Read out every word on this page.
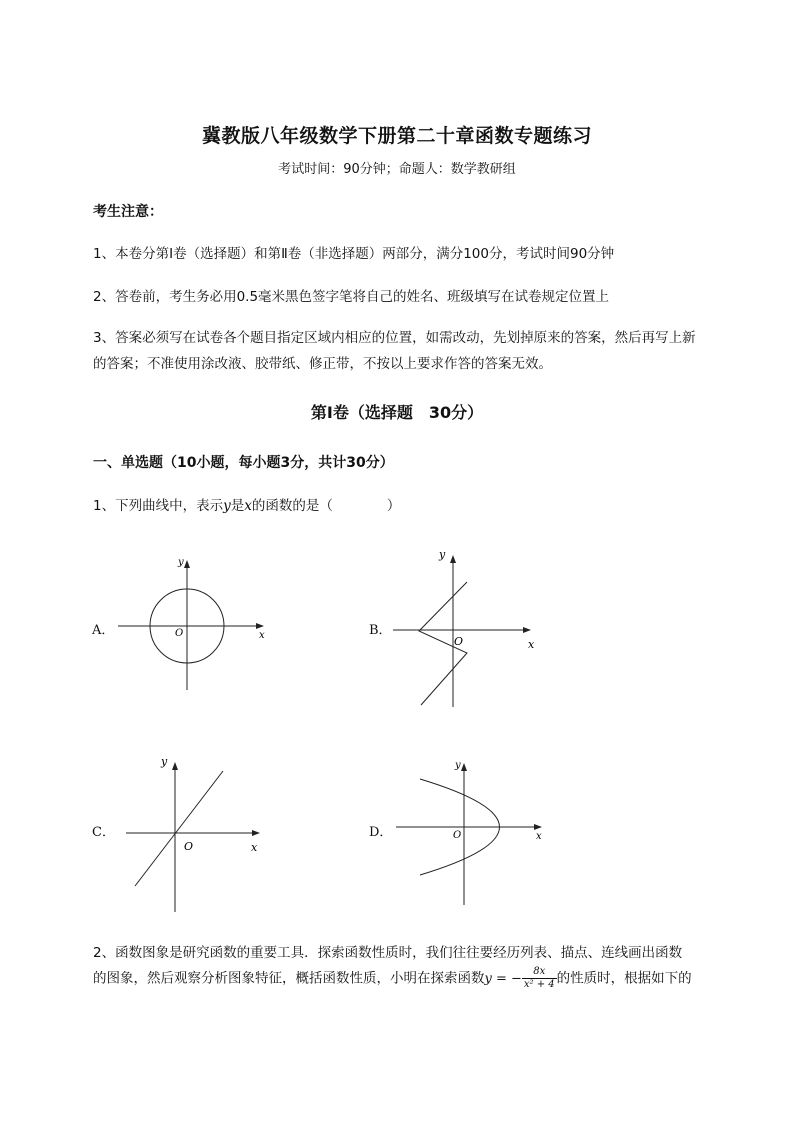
冀教版八年级数学下册第二十章函数专题练习
考试时间：90分钟；命题人：数学教研组
考生注意：
1、本卷分第I卷（选择题）和第Ⅱ卷（非选择题）两部分，满分100分，考试时间90分钟
2、答卷前，考生务必用0.5毫米黑色签字笔将自己的姓名、班级填写在试卷规定位置上
3、答案必须写在试卷各个题目指定区域内相应的位置，如需改动，先划掉原来的答案，然后再写上新
的答案；不准使用涂改液、胶带纸、修正带，不按以上要求作答的答案无效。
第I卷（选择题　30分）
一、单选题（10小题，每小题3分，共计30分）
1、下列曲线中，表示y是x的函数的是（　　　　）
A．	x
y
O	B．
x
y
O
C．
x
y
O
D．	x
y
O
2、函数图象是研究函数的重要工具．探索函数性质时，我们往往要经历列表、描点、连线画出函数
的图象，然后观察分析图象特征，概括函数性质，小明在探索函数y = − $\frac{8x}{\text{x² + 4}}$ 的性质时，根据如下的
